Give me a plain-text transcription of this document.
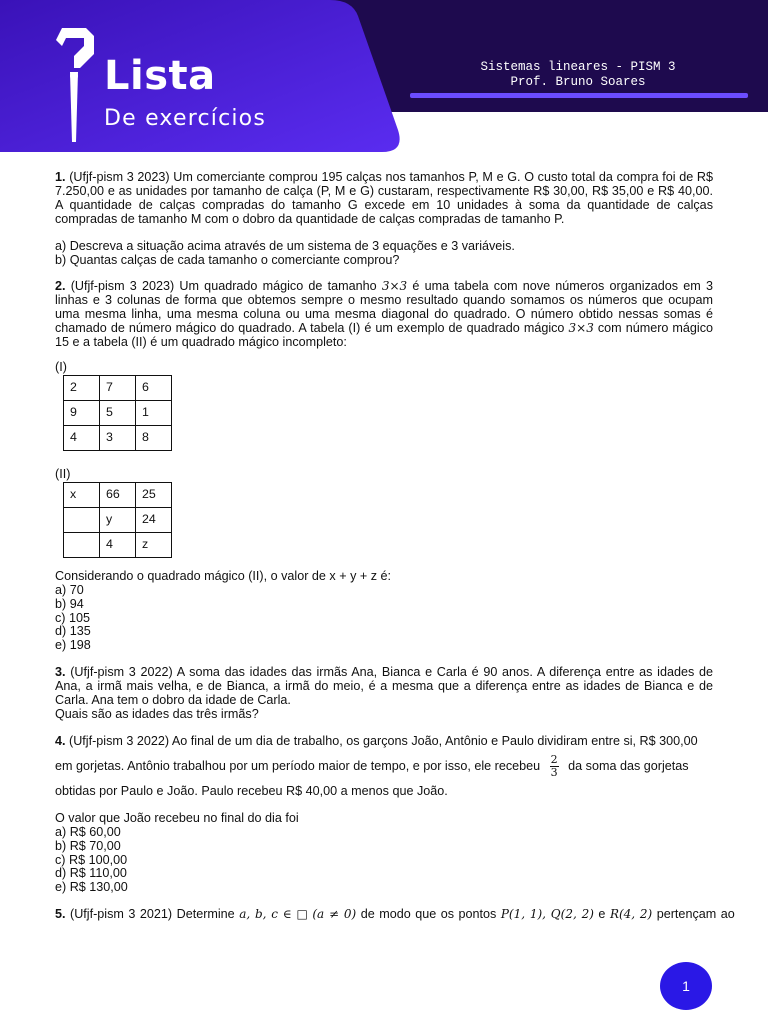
Lista
De exercícios
Sistemas lineares - PISM 3
Prof. Bruno Soares
1. (Ufjf-pism 3 2023) Um comerciante comprou 195 calças nos tamanhos P, M e G. O custo total da compra foi de R$ 7.250,00 e as unidades por tamanho de calça (P, M e G) custaram, respectivamente R$ 30,00, R$ 35,00 e R$ 40,00. A quantidade de calças compradas do tamanho G excede em 10 unidades à soma da quantidade de calças compradas de tamanho M com o dobro da quantidade de calças compradas de tamanho P.
a) Descreva a situação acima através de um sistema de 3 equações e 3 variáveis.
b) Quantas calças de cada tamanho o comerciante comprou?
2. (Ufjf-pism 3 2023) Um quadrado mágico de tamanho 3×3 é uma tabela com nove números organizados em 3 linhas e 3 colunas de forma que obtemos sempre o mesmo resultado quando somamos os números que ocupam uma mesma linha, uma mesma coluna ou uma mesma diagonal do quadrado. O número obtido nessas somas é chamado de número mágico do quadrado. A tabela (I) é um exemplo de quadrado mágico 3×3 com número mágico 15 e a tabela (II) é um quadrado mágico incompleto:
(I)
2	7	6
9	5	1
4	3	8
(II)
x	66	25
	y	24
	4	z
Considerando o quadrado mágico (II), o valor de x + y + z é:
a) 70
b) 94
c) 105
d) 135
e) 198
3. (Ufjf-pism 3 2022) A soma das idades das irmãs Ana, Bianca e Carla é 90 anos. A diferença entre as idades de Ana, a irmã mais velha, e de Bianca, a irmã do meio, é a mesma que a diferença entre as idades de Bianca e de Carla. Ana tem o dobro da idade de Carla.
Quais são as idades das três irmãs?
4. (Ufjf-pism 3 2022) Ao final de um dia de trabalho, os garçons João, Antônio e Paulo dividiram entre si, R$ 300,00
em gorjetas. Antônio trabalhou por um período maior de tempo, e por isso, ele recebeu $\frac{2}{3}$ da soma das gorjetas
obtidas por Paulo e João. Paulo recebeu R$ 40,00 a menos que João.
O valor que João recebeu no final do dia foi
a) R$ 60,00
b) R$ 70,00
c) R$ 100,00
d) R$ 110,00
e) R$ 130,00
5. (Ufjf-pism 3 2021) Determine a, b, c ∈ □ (a ≠ 0) de modo que os pontos P(1, 1), Q(2, 2) e R(4, 2) pertençam ao
1
